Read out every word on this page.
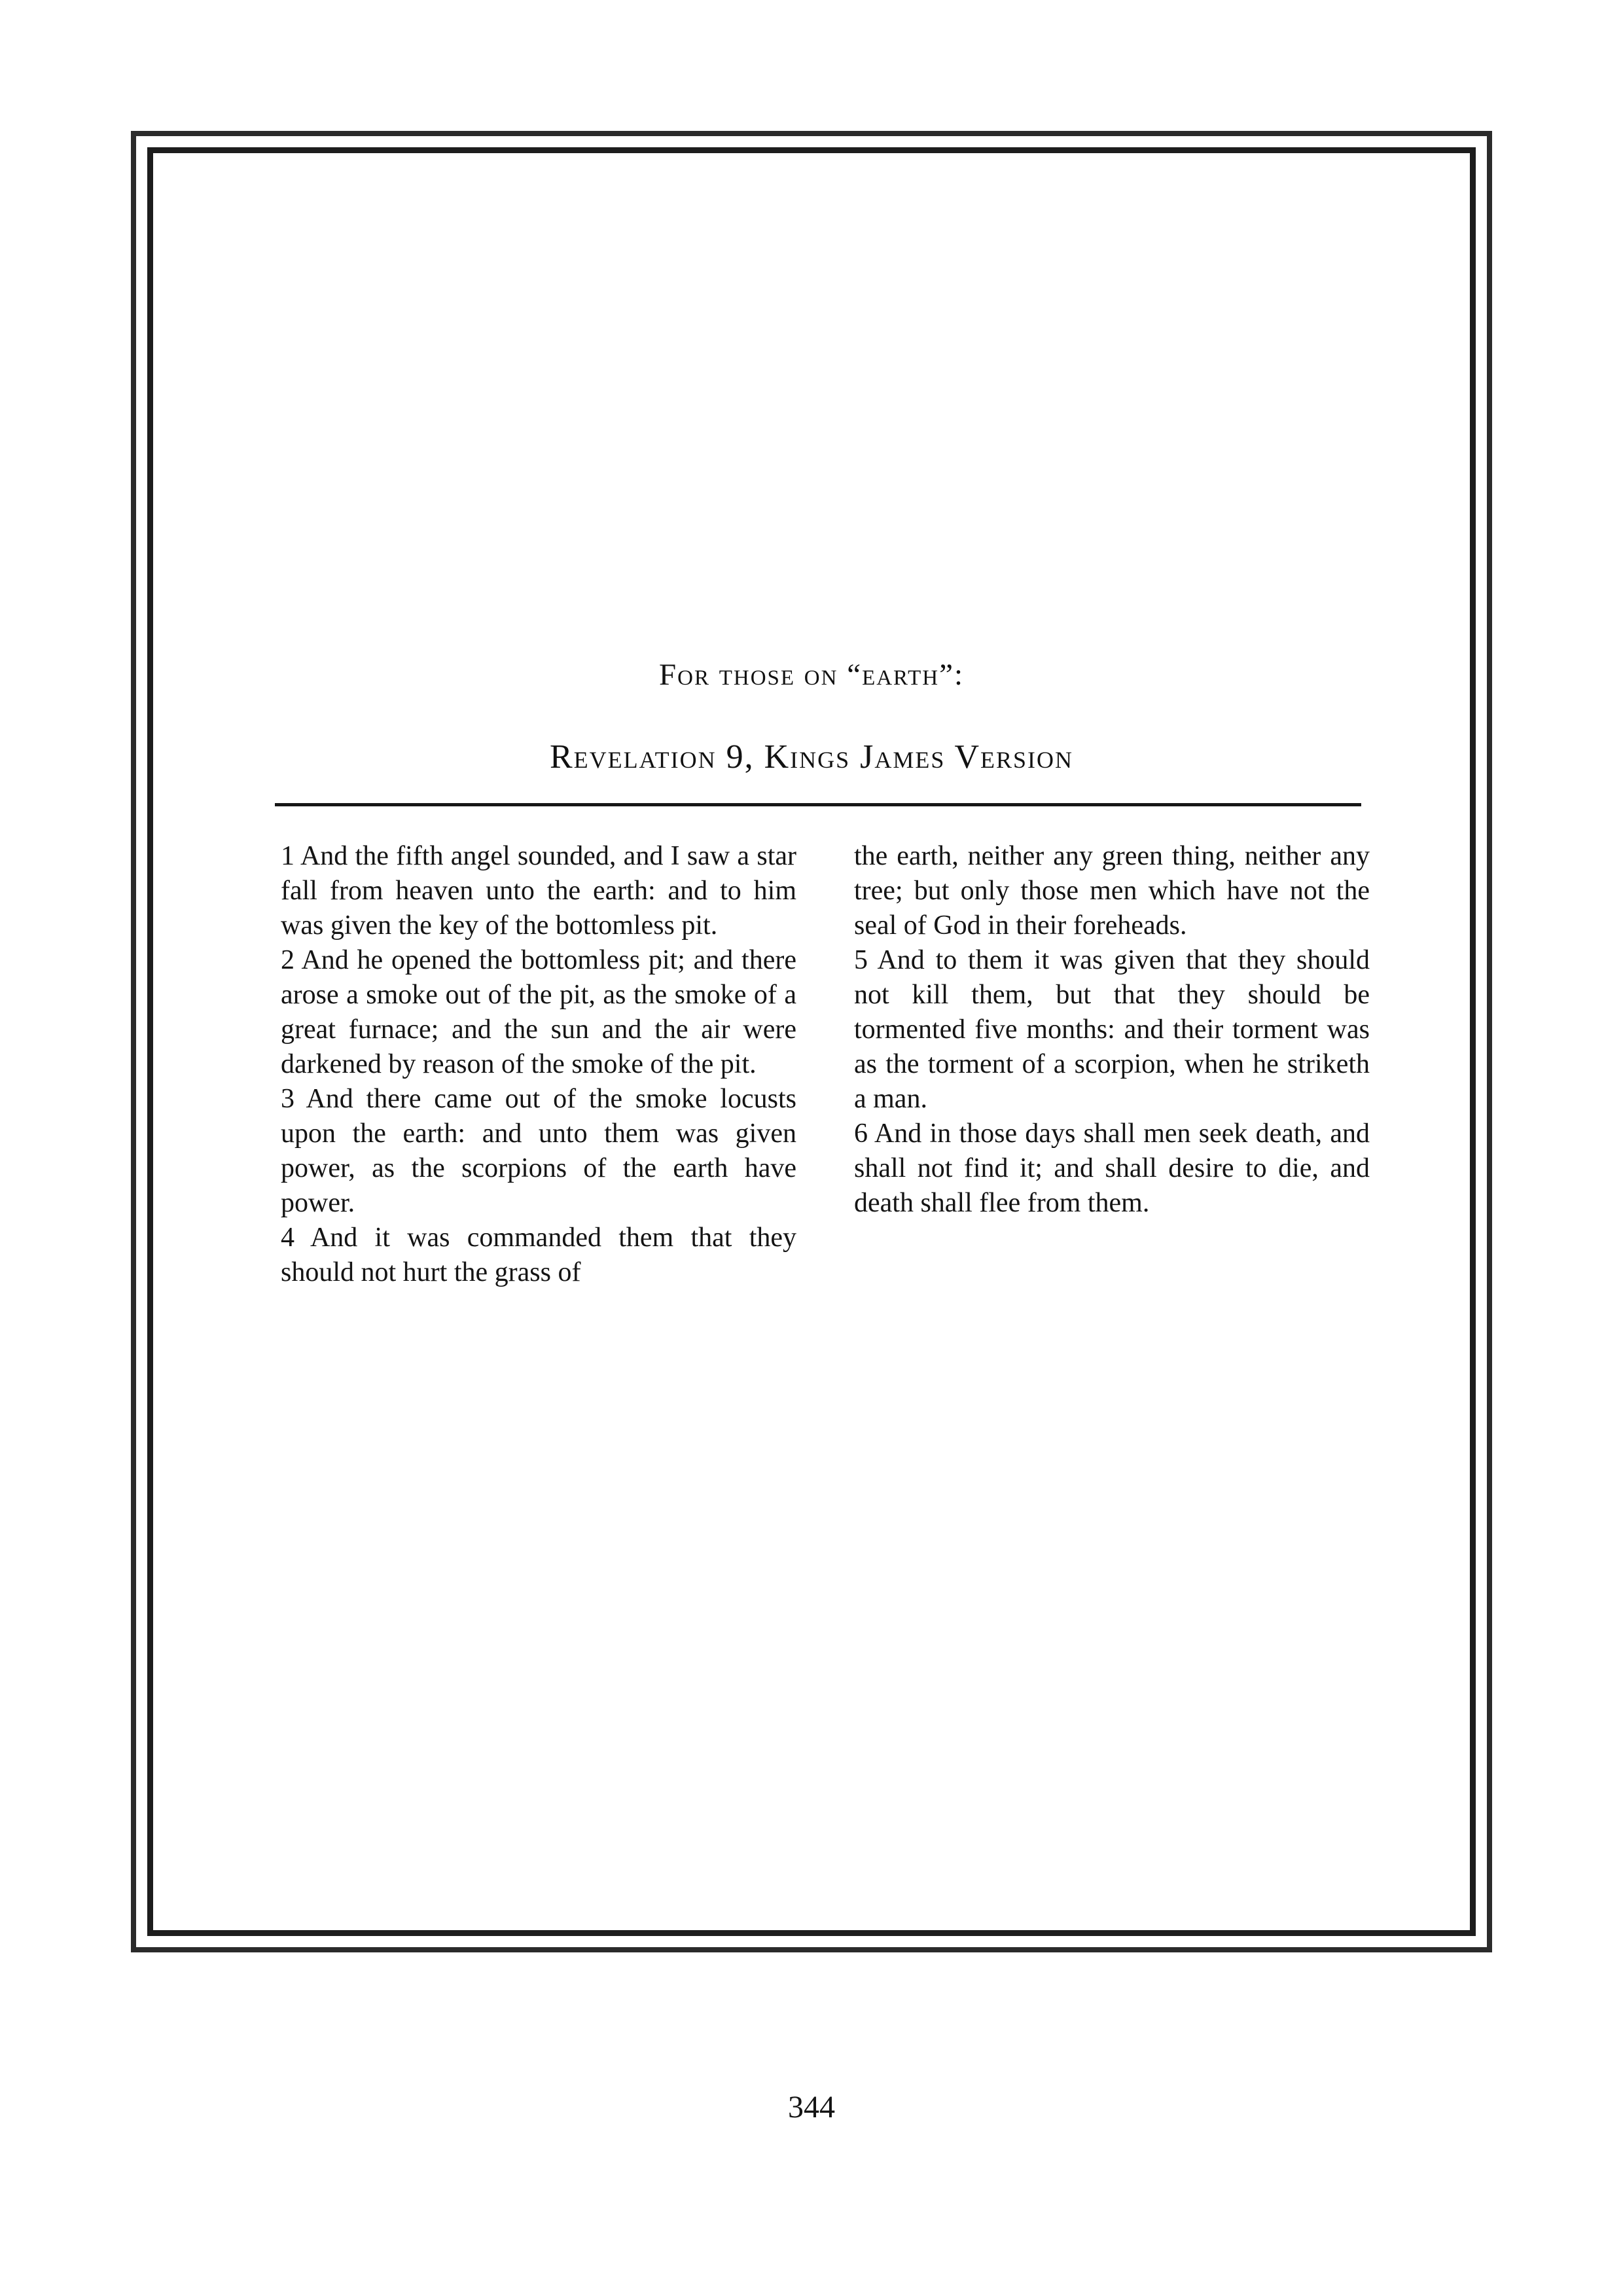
For those on “earth”:
Revelation 9, Kings James Version

1 And the fifth angel sounded, and I saw a star fall from heaven unto the earth: and to him was given the key of the bottomless pit.

2 And he opened the bottomless pit; and there arose a smoke out of the pit, as the smoke of a great furnace; and the sun and the air were darkened by reason of the smoke of the pit.

3 And there came out of the smoke locusts upon the earth: and unto them was given power, as the scorpions of the earth have power.

4 And it was commanded them that they should not hurt the grass of

the earth, neither any green thing, neither any tree; but only those men which have not the seal of God in their foreheads.

5 And to them it was given that they should not kill them, but that they should be tormented five months: and their torment was as the torment of a scorpion, when he striketh a man.

6 And in those days shall men seek death, and shall not find it; and shall desire to die, and death shall flee from them.

344
